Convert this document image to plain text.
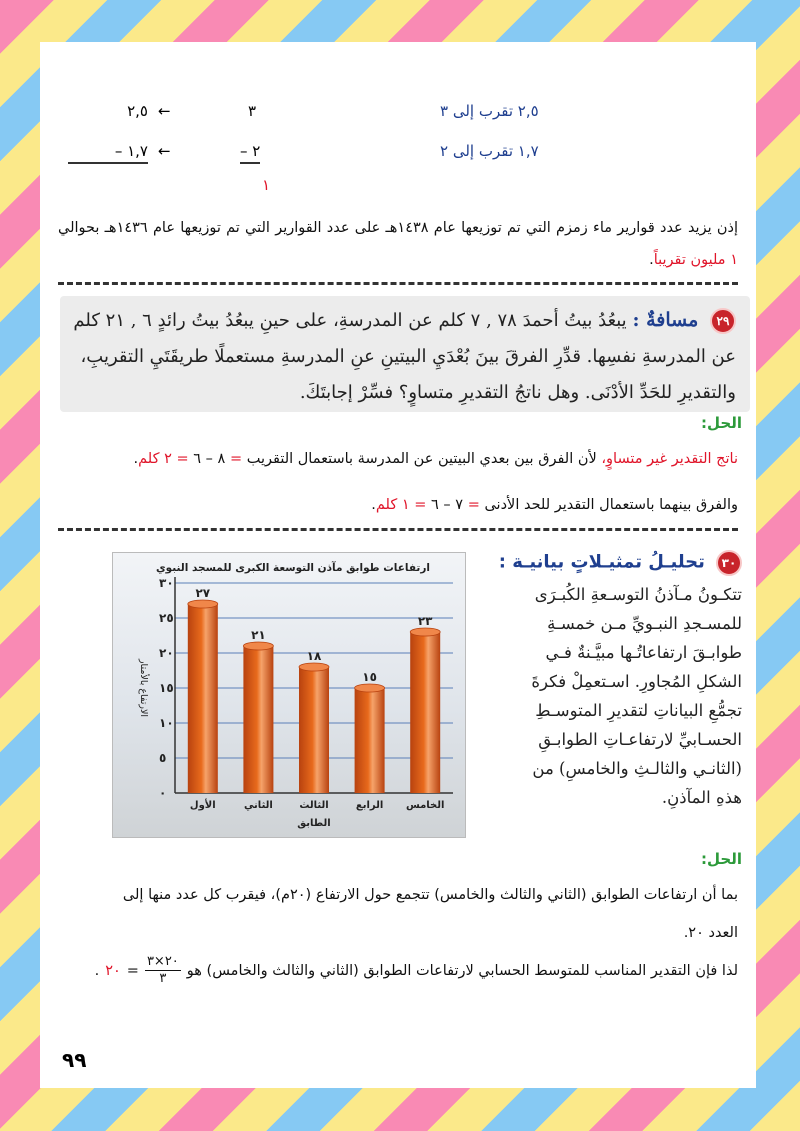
٢,٥ تقرب إلى ٣
٣
←
٢,٥
١,٧ تقرب إلى ٢
٢ –
←
١,٧ –
١
إذن يزيد عدد قوارير ماء زمزم التي تم توزيعها عام ١٤٣٨هـ على عدد القوارير التي تم توزيعها عام ١٤٣٦هـ بحوالي ١ مليون تقريباً.
٢٩ مسافةٌ : يبعُدُ بيتُ أحمدَ ٧٨ , ٧ كلم عن المدرسةِ، على حينِ يبعُدُ بيتُ رائدٍ ٦ , ٢١ كلم
عن المدرسةِ نفسِها. قدِّرِ الفرقَ بينَ بُعْدَيِ البيتينِ عنِ المدرسةِ مستعملًا طريقَتَيِ التقريبِ،
والتقديرِ للحَدِّ الأدْنَى. وهل ناتجُ التقديرِ متساوٍ؟ فسِّرْ إجابتَكَ.
الحل:
ناتج التقدير غير متساوٍ، لأن الفرق بين بعدي البيتين عن المدرسة باستعمال التقريب = ٨ – ٦ = ٢ كلم.
والفرق بينهما باستعمال التقدير للحد الأدنى = ٧ – ٦ = ١ كلم.
٣٠ تحليـلُ تمثيـلاتٍ بيانيـة :
تتكـونُ مـآذنُ التوسـعةِ الكُبـرَى
للمسـجدِ النبـويِّ مـن خمسـةِ
طوابـقَ ارتفاعاتُـها مبيَّـنةٌ فـي
الشكلِ المُجاورِ. اسـتعمِلْ فكرةَ
تجمُّعِ البياناتِ لتقديرِ المتوسـطِ
الحسـابيِّ لارتفاعـاتِ الطوابـقِ
(الثانـي والثالـثِ والخامسِ) من
هذهِ المآذنِ.
ارتفاعات طوابق مآذن التوسعة الكبرى للمسجد النبوي
٠
٥
١٠
١٥
٢٠
٢٥
٣٠
الارتفاع بالأمتار
٢٧
الأول
٢١
الثاني
١٨
الثالث
١٥
الرابع
٢٣
الخامس
الطابق
الحل:
بما أن ارتفاعات الطوابق (الثاني والثالث والخامس) تتجمع حول الارتفاع (٢٠م)، فيقرب كل عدد منها إلى
العدد ٢٠.
لذا فإن التقدير المناسب للمتوسط الحسابي لارتفاعات الطوابق (الثاني والثالث والخامس) هو
٢٠×٣
٣
=
٢٠
.
٩٩
